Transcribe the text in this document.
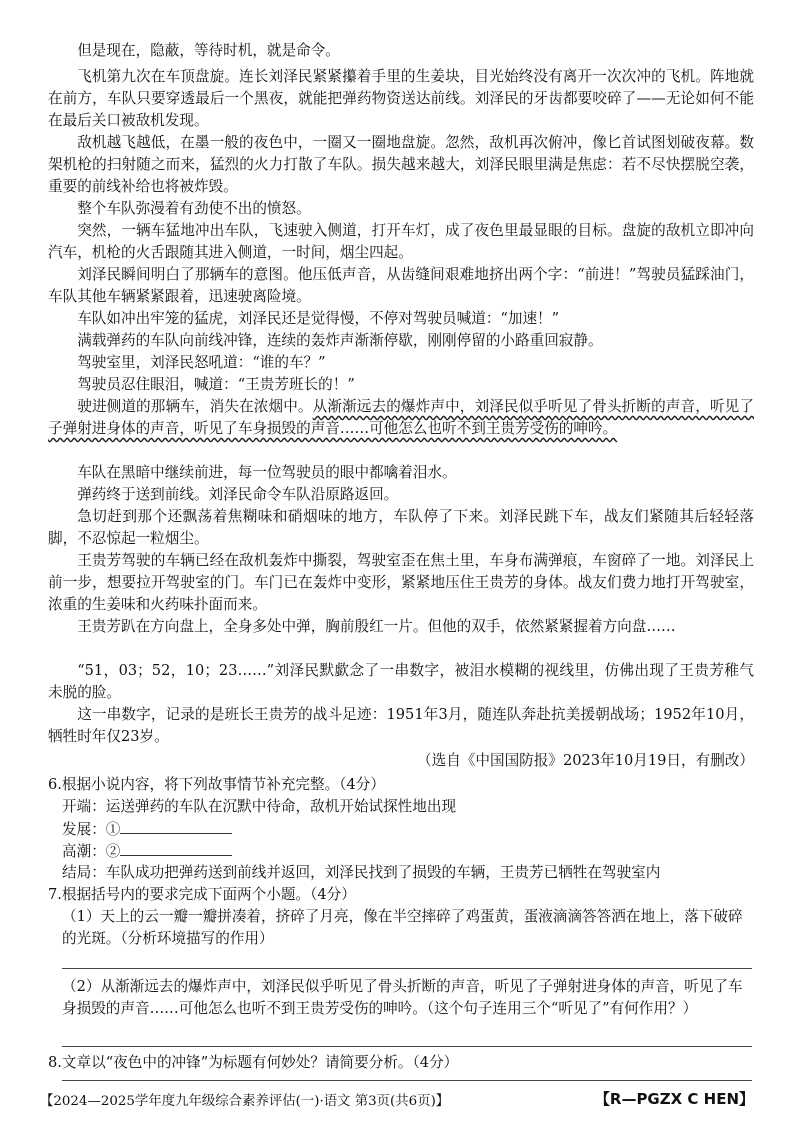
但是现在，隐蔽，等待时机，就是命令。

飞机第九次在车顶盘旋。连长刘泽民紧紧攥着手里的生姜块，目光始终没有离开一次次冲的飞机。阵地就在前方，车队只要穿透最后一个黑夜，就能把弹药物资送达前线。刘泽民的牙齿都要咬碎了——无论如何不能在最后关口被敌机发现。

敌机越飞越低，在墨一般的夜色中，一圈又一圈地盘旋。忽然，敌机再次俯冲，像匕首试图划破夜幕。数架机枪的扫射随之而来，猛烈的火力打散了车队。损失越来越大，刘泽民眼里满是焦虑：若不尽快摆脱空袭，重要的前线补给也将被炸毁。

整个车队弥漫着有劲使不出的愤怒。

突然，一辆车猛地冲出车队，飞速驶入侧道，打开车灯，成了夜色里最显眼的目标。盘旋的敌机立即冲向汽车，机枪的火舌跟随其进入侧道，一时间，烟尘四起。

刘泽民瞬间明白了那辆车的意图。他压低声音，从齿缝间艰难地挤出两个字：“前进！”驾驶员猛踩油门，车队其他车辆紧紧跟着，迅速驶离险境。

车队如冲出牢笼的猛虎，刘泽民还是觉得慢，不停对驾驶员喊道：“加速！”

满载弹药的车队向前线冲锋，连续的轰炸声渐渐停歇，刚刚停留的小路重回寂静。

驾驶室里，刘泽民怒吼道：“谁的车？”

驾驶员忍住眼泪，喊道：“王贵芳班长的！”

驶进侧道的那辆车，消失在浓烟中。从渐渐远去的爆炸声中，刘泽民似乎听见了骨头折断的声音，听见了子弹射进身体的声音，听见了车身损毁的声音……可他怎么也听不到王贵芳受伤的呻吟。

车队在黑暗中继续前进，每一位驾驶员的眼中都噙着泪水。

弹药终于送到前线。刘泽民命令车队沿原路返回。

急切赶到那个还飘荡着焦糊味和硝烟味的地方，车队停了下来。刘泽民跳下车，战友们紧随其后轻轻落脚，不忍惊起一粒烟尘。

王贵芳驾驶的车辆已经在敌机轰炸中撕裂，驾驶室歪在焦土里，车身布满弹痕，车窗碎了一地。刘泽民上前一步，想要拉开驾驶室的门。车门已在轰炸中变形，紧紧地压住王贵芳的身体。战友们费力地打开驾驶室，浓重的生姜味和火药味扑面而来。

王贵芳趴在方向盘上，全身多处中弹，胸前殷红一片。但他的双手，依然紧紧握着方向盘……

“51，03；52，10；23……”刘泽民默歔念了一串数字，被泪水模糊的视线里，仿佛出现了王贵芳稚气未脱的脸。

这一串数字，记录的是班长王贵芳的战斗足迹：1951年3月，随连队奔赴抗美援朝战场；1952年10月，牺牲时年仅23岁。

（选自《中国国防报》2023年10月19日，有删改）
6.根据小说内容，将下列故事情节补充完整。（4分）
开端：运送弹药的车队在沉默中待命，敌机开始试探性地出现
发展：①
高潮：②
结局：车队成功把弹药送到前线并返回，刘泽民找到了损毁的车辆，王贵芳已牺牲在驾驶室内
7.根据括号内的要求完成下面两个小题。（4分）
（1）天上的云一瓣一瓣拼凑着，挤碎了月亮，像在半空摔碎了鸡蛋黄，蛋液滴滴答答洒在地上，落下破碎的光斑。（分析环境描写的作用）
（2）从渐渐远去的爆炸声中，刘泽民似乎听见了骨头折断的声音，听见了子弹射进身体的声音，听见了车身损毁的声音……可他怎么也听不到王贵芳受伤的呻吟。（这个句子连用三个“听见了”有何作用？）
8.文章以“夜色中的冲锋”为标题有何妙处？请简要分析。（4分）
【2024—2025学年度九年级综合素养评估(一)·语文 第3页(共6页)】	【R—PGZX C HEN】
